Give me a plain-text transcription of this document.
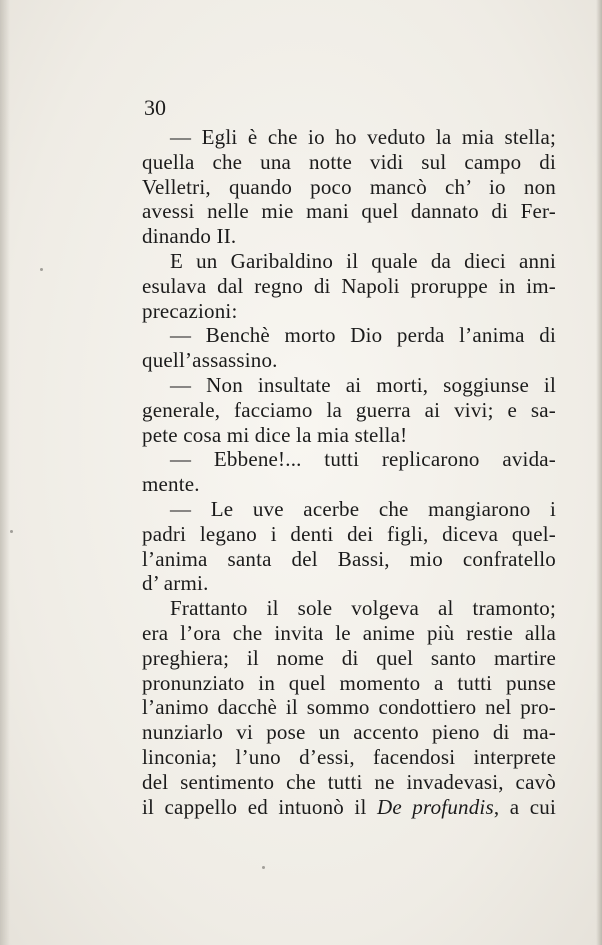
30
— Egli è che io ho veduto la mia stella;
quella che una notte vidi sul campo di
Velletri, quando poco mancò ch’ io non
avessi nelle mie mani quel dannato di Fer-
dinando II.
E un Garibaldino il quale da dieci anni
esulava dal regno di Napoli proruppe in im-
precazioni:
— Benchè morto Dio perda l’anima di
quell’assassino.
— Non insultate ai morti, soggiunse il
generale, facciamo la guerra ai vivi; e sa-
pete cosa mi dice la mia stella!
— Ebbene!... tutti replicarono avida-
mente.
— Le uve acerbe che mangiarono i
padri legano i denti dei figli, diceva quel-
l’anima santa del Bassi, mio confratello
d’ armi.
Frattanto il sole volgeva al tramonto;
era l’ora che invita le anime più restie alla
preghiera; il nome di quel santo martire
pronunziato in quel momento a tutti punse
l’animo dacchè il sommo condottiero nel pro-
nunziarlo vi pose un accento pieno di ma-
linconia; l’uno d’essi, facendosi interprete
del sentimento che tutti ne invadevasi, cavò
il cappello ed intuonò il De profundis, a cui
